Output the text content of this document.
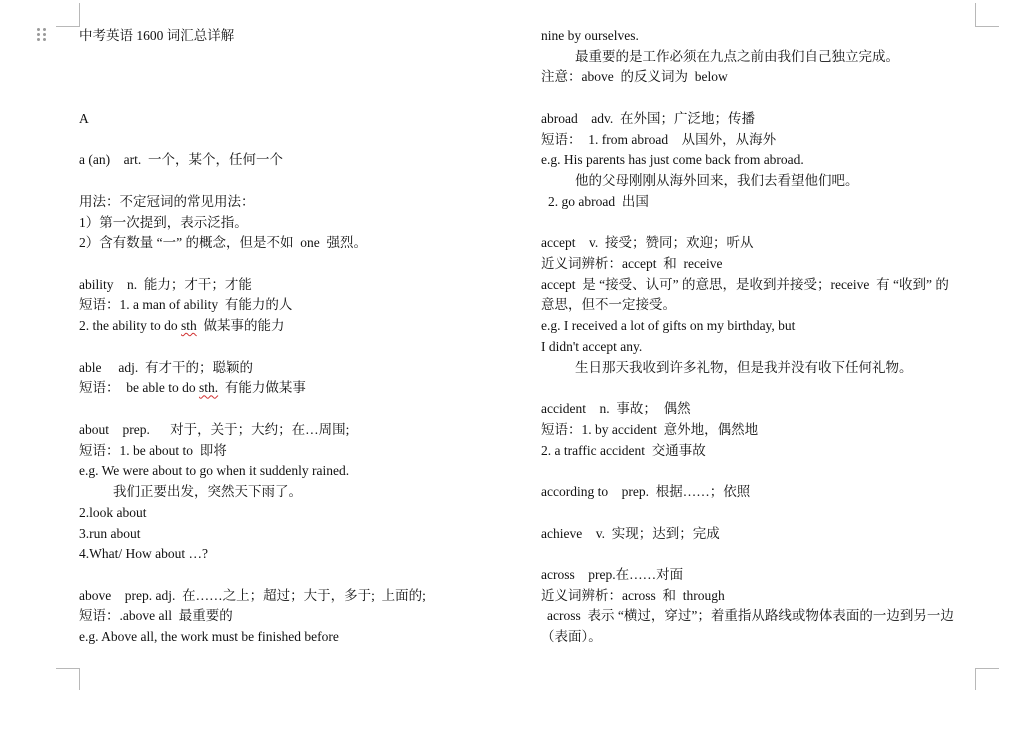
中考英语 1600 词汇总详解
A
a (an)    art.  一个，某个，任何一个
用法：不定冠词的常见用法：
1）第一次提到，表示泛指。
2）含有数量 “一” 的概念，但是不如  one  强烈。
ability    n.  能力；才干；才能
短语：1. a man of ability  有能力的人
2. the ability to do sth  做某事的能力
able     adj.  有才干的；聪颖的
短语：  be able to do sth.  有能力做某事
about    prep.      对于，关于；大约；在…周围;
短语：1. be about to  即将
e.g. We were about to go when it suddenly rained.
我们正要出发，突然天下雨了。
2.look about
3.run about
4.What/ How about …?
above    prep. adj.  在……之上；超过；大于，多于;  上面的;
短语：.above all  最重要的
e.g. Above all, the work must be finished before
nine by ourselves.
最重要的是工作必须在九点之前由我们自己独立完成。
注意：above  的反义词为  below
abroad    adv.  在外国；广泛地；传播
短语：  1. from abroad    从国外，从海外
e.g. His parents has just come back from abroad.
他的父母刚刚从海外回来，我们去看望他们吧。
2. go abroad  出国
accept    v.  接受；赞同；欢迎；听从
近义词辨析：accept  和  receive
accept  是 “接受、认可” 的意思，是收到并接受；receive  有 “收到” 的
意思，但不一定接受。
e.g. I received a lot of gifts on my birthday, but
I didn't accept any.
生日那天我收到许多礼物，但是我并没有收下任何礼物。
accident    n.  事故；  偶然
短语：1. by accident  意外地，偶然地
2. a traffic accident  交通事故
according to    prep.  根据……；依照
achieve    v.  实现；达到；完成
across    prep.在……对面
近义词辨析：across  和  through
across  表示 “横过，穿过”；着重指从路线或物体表面的一边到另一边
（表面）。
